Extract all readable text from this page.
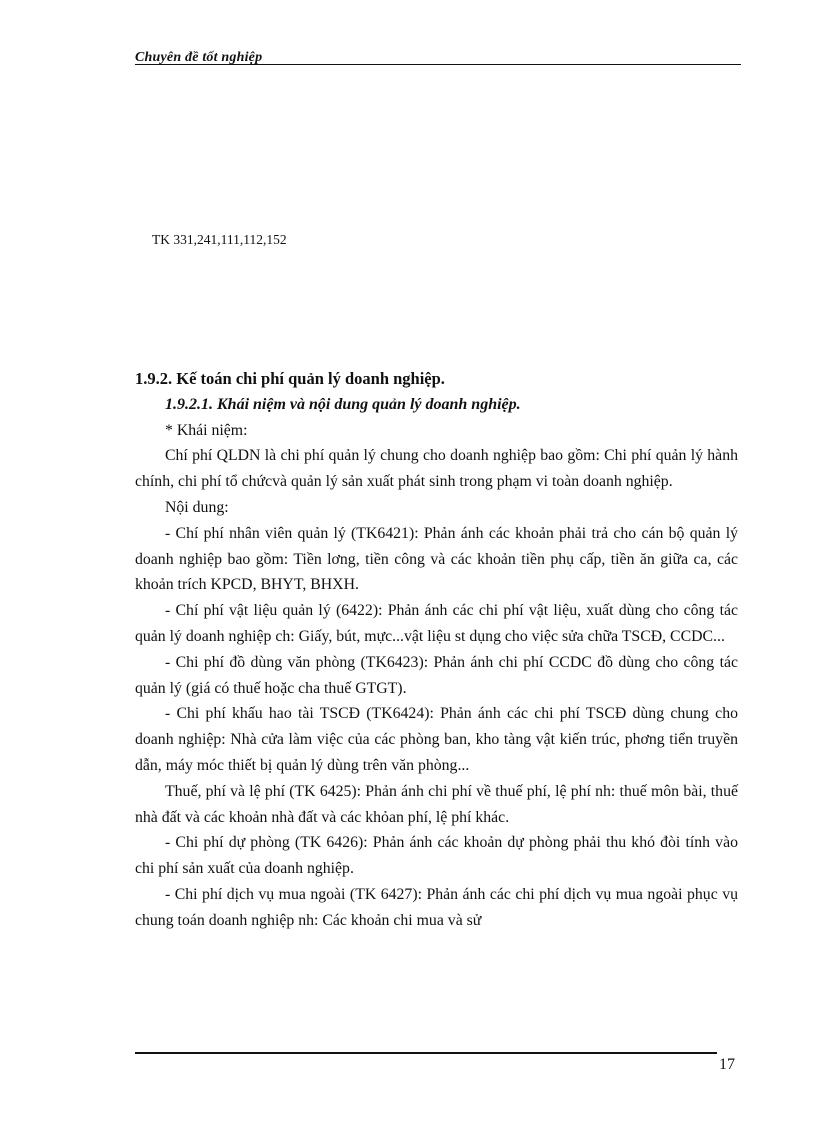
Chuyên đề tốt nghiệp
TK 331,241,111,112,152

1.9.2. Kế toán chi phí quản lý doanh nghiệp.

1.9.2.1. Khái niệm và nội dung quản lý doanh nghiệp.

* Khái niệm:

Chí phí QLDN là chi phí quản lý chung cho doanh nghiệp bao gồm: Chi phí quản lý hành chính, chi phí tổ chứcvà quản lý sản xuất phát sinh trong phạm vi toàn doanh nghiệp.

Nội dung:

- Chí phí nhân viên quản lý (TK6421): Phản ánh các khoản phải trả cho cán bộ quản lý doanh nghiệp bao gồm: Tiền lơng, tiền công và các khoản tiền phụ cấp, tiền ăn giữa ca, các khoản trích KPCD, BHYT, BHXH.

- Chí phí vật liệu quản lý (6422): Phản ánh các chi phí vật liệu, xuất dùng cho công tác quản lý doanh nghiệp ch: Giấy, bút, mực...vật liệu st dụng cho việc sửa chữa TSCĐ, CCDC...

- Chi phí đồ dùng văn phòng (TK6423): Phản ánh chi phí CCDC đồ dùng cho công tác quản lý (giá có thuế hoặc cha thuế GTGT).

- Chi phí khấu hao tài TSCĐ (TK6424): Phản ánh các chi phí TSCĐ dùng chung cho doanh nghiệp: Nhà cửa làm việc của các phòng ban, kho tàng vật kiến trúc, phơng tiển truyền dẫn, máy móc thiết bị quản lý dùng trên văn phòng...

Thuế, phí và lệ phí (TK 6425): Phản ánh chi phí về thuế phí, lệ phí nh: thuế môn bài, thuế nhà đất và các khoản nhà đất và các khỏan phí, lệ phí khác.

- Chi phí dự phòng (TK 6426): Phản ánh các khoản dự phòng phải thu khó đòi tính vào chi phí sản xuất của doanh nghiệp.

- Chi phí dịch vụ mua ngoài (TK 6427): Phản ánh các chi phí dịch vụ mua ngoài phục vụ chung toán doanh nghiệp nh: Các khoản chi mua và sử

17
